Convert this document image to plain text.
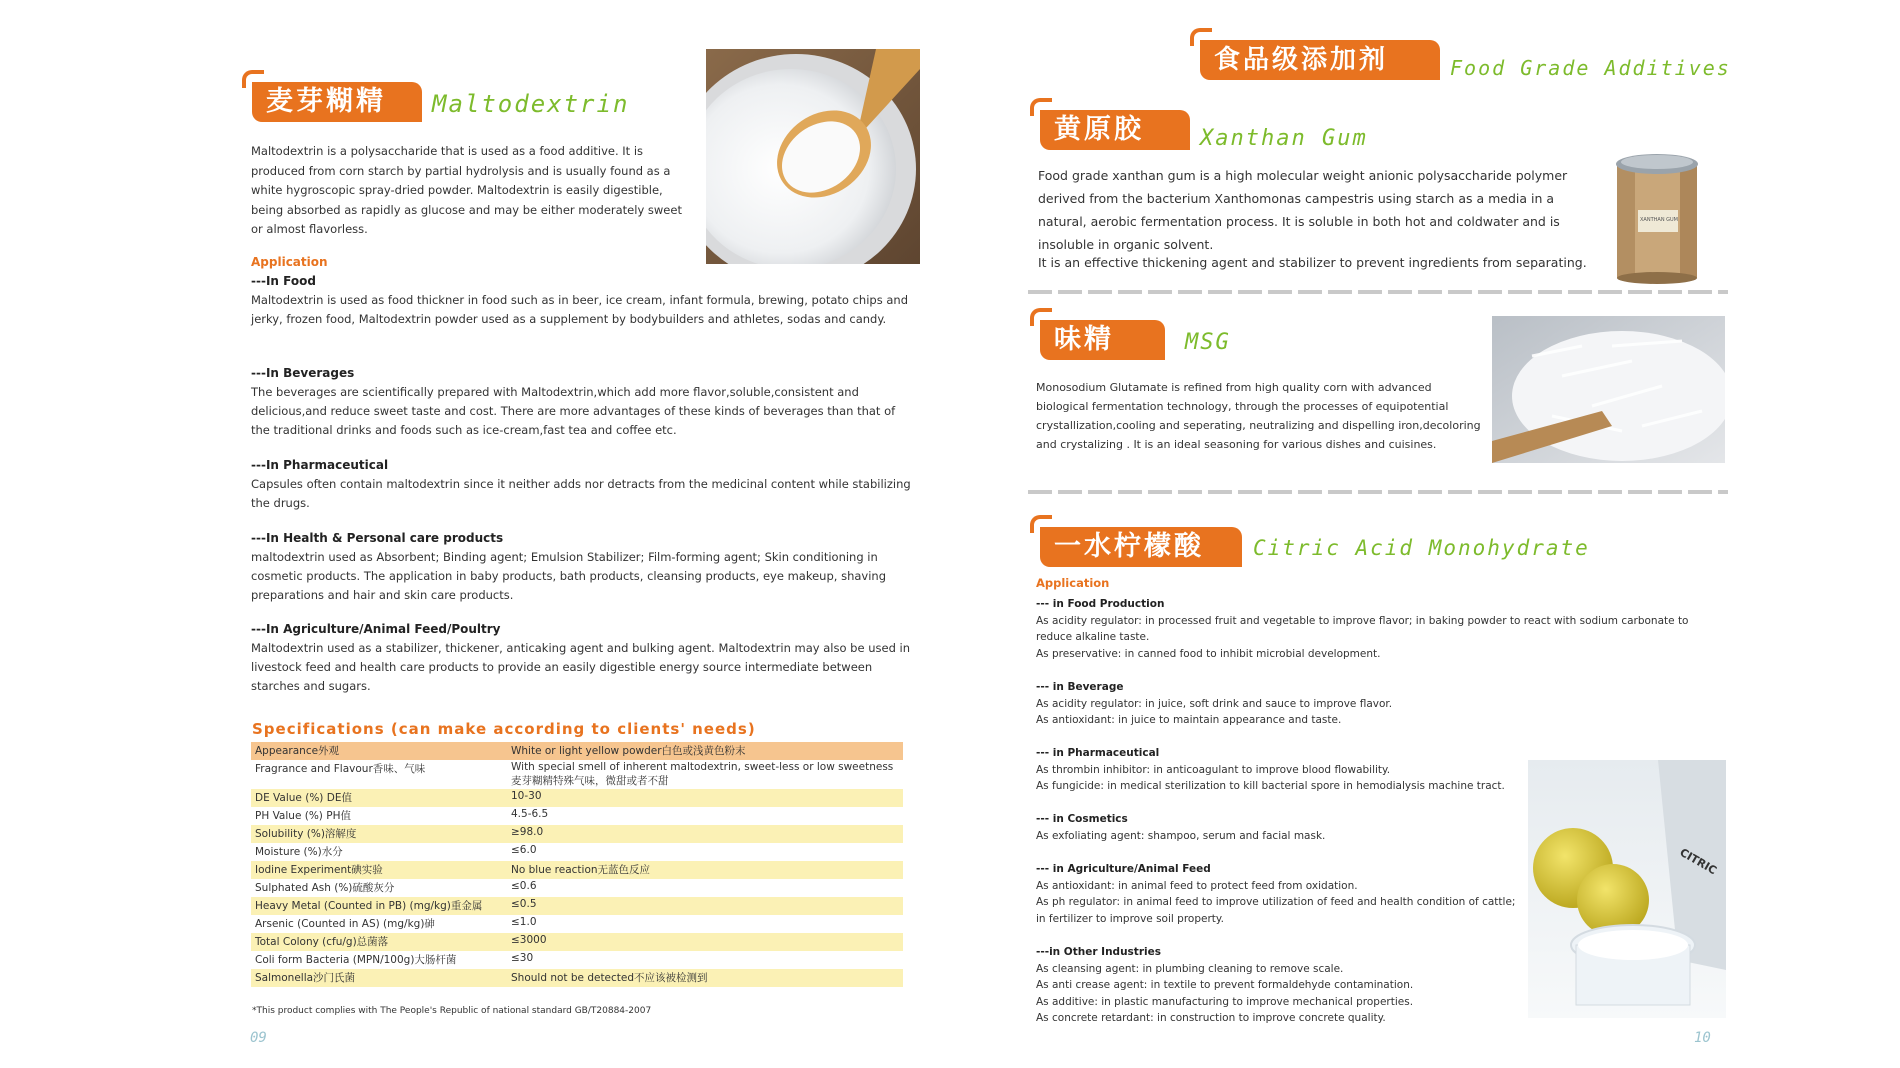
麦芽糊精	Maltodextrin
Maltodextrin is a polysaccharide that is used as a food additive. It is produced from corn starch by partial hydrolysis and is usually found as a white hygroscopic spray-dried powder. Maltodextrin is easily digestible, being absorbed as rapidly as glucose and may be either moderately sweet or almost flavorless.
Application
---In Food
Maltodextrin is used as food thickner in food such as in beer, ice cream, infant formula, brewing, potato chips and jerky, frozen food, Maltodextrin powder used as a supplement by bodybuilders and athletes, sodas and candy.
---In Beverages
The beverages are scientifically prepared with Maltodextrin,which add more flavor,soluble,consistent and delicious,and reduce sweet taste and cost. There are more advantages of these kinds of beverages than that of the traditional drinks and foods such as ice-cream,fast tea and coffee etc.
---In Pharmaceutical
Capsules often contain maltodextrin since it neither adds nor detracts from the medicinal content while stabilizing the drugs.
---In Health & Personal care products
maltodextrin used as Absorbent; Binding agent; Emulsion Stabilizer; Film-forming agent; Skin conditioning in cosmetic products. The application in baby products, bath products, cleansing products, eye makeup, shaving preparations and hair and skin care products.
---In Agriculture/Animal Feed/Poultry
Maltodextrin used as a stabilizer, thickener, anticaking agent and bulking agent. Maltodextrin may also be used in livestock feed and health care products to provide an easily digestible energy source intermediate between starches and sugars.
Specifications (can make according to clients' needs)
Appearance外观	White or light yellow powder白色或浅黄色粉末
Fragrance and Flavour香味、气味	With special smell of inherent maltodextrin, sweet-less or low sweetness 麦芽糊精特殊气味，微甜或者不甜
DE Value (%) DE值	10-30
PH Value (%) PH值	4.5-6.5
Solubility (%)溶解度	≥98.0
Moisture (%)水分	≤6.0
Iodine Experiment碘实验	No blue reaction无蓝色反应
Sulphated Ash (%)硫酸灰分	≤0.6
Heavy Metal (Counted in PB) (mg/kg)重金属	≤0.5
Arsenic (Counted in AS) (mg/kg)砷	≤1.0
Total Colony (cfu/g)总菌落	≤3000
Coli form Bacteria (MPN/100g)大肠杆菌	≤30
Salmonella沙门氏菌	Should not be detected不应该被检测到
*This product complies with The People's Republic of national standard GB/T20884-2007
09
食品级添加剂	Food Grade Additives
黄原胶	Xanthan Gum
Food grade xanthan gum is a high molecular weight anionic polysaccharide polymer
derived from the bacterium Xanthomonas campestris using starch as a media in a
natural, aerobic fermentation process. It is soluble in both hot and coldwater and is
insoluble in organic solvent.
It is an effective thickening agent and stabilizer to prevent ingredients from separating.
XANTHAN GUM
味精	MSG
Monosodium Glutamate is refined from high quality corn with advanced biological fermentation technology, through the processes of equipotential crystallization,cooling and seperating, neutralizing and dispelling iron,decoloring and crystalizing . It is an ideal seasoning for various dishes and cuisines.
一水柠檬酸	Citric Acid Monohydrate
Application
--- in Food Production
As acidity regulator: in processed fruit and vegetable to improve flavor; in baking powder to react with sodium carbonate to reduce alkaline taste.
As preservative: in canned food to inhibit microbial development.
--- in Beverage
As acidity regulator: in juice, soft drink and sauce to improve flavor.
As antioxidant: in juice to maintain appearance and taste.
--- in Pharmaceutical
As thrombin inhibitor: in anticoagulant to improve blood flowability.
As fungicide: in medical sterilization to kill bacterial spore in hemodialysis machine tract.
--- in Cosmetics
As exfoliating agent: shampoo, serum and facial mask.
--- in Agriculture/Animal Feed
As antioxidant: in animal feed to protect feed from oxidation.
As ph regulator: in animal feed to improve utilization of feed and health condition of cattle; in fertilizer to improve soil property.
---in Other Industries
As cleansing agent: in plumbing cleaning to remove scale.
As anti crease agent: in textile to prevent formaldehyde contamination.
As additive: in plastic manufacturing to improve mechanical properties.
As concrete retardant: in construction to improve concrete quality.
CITRIC
10
